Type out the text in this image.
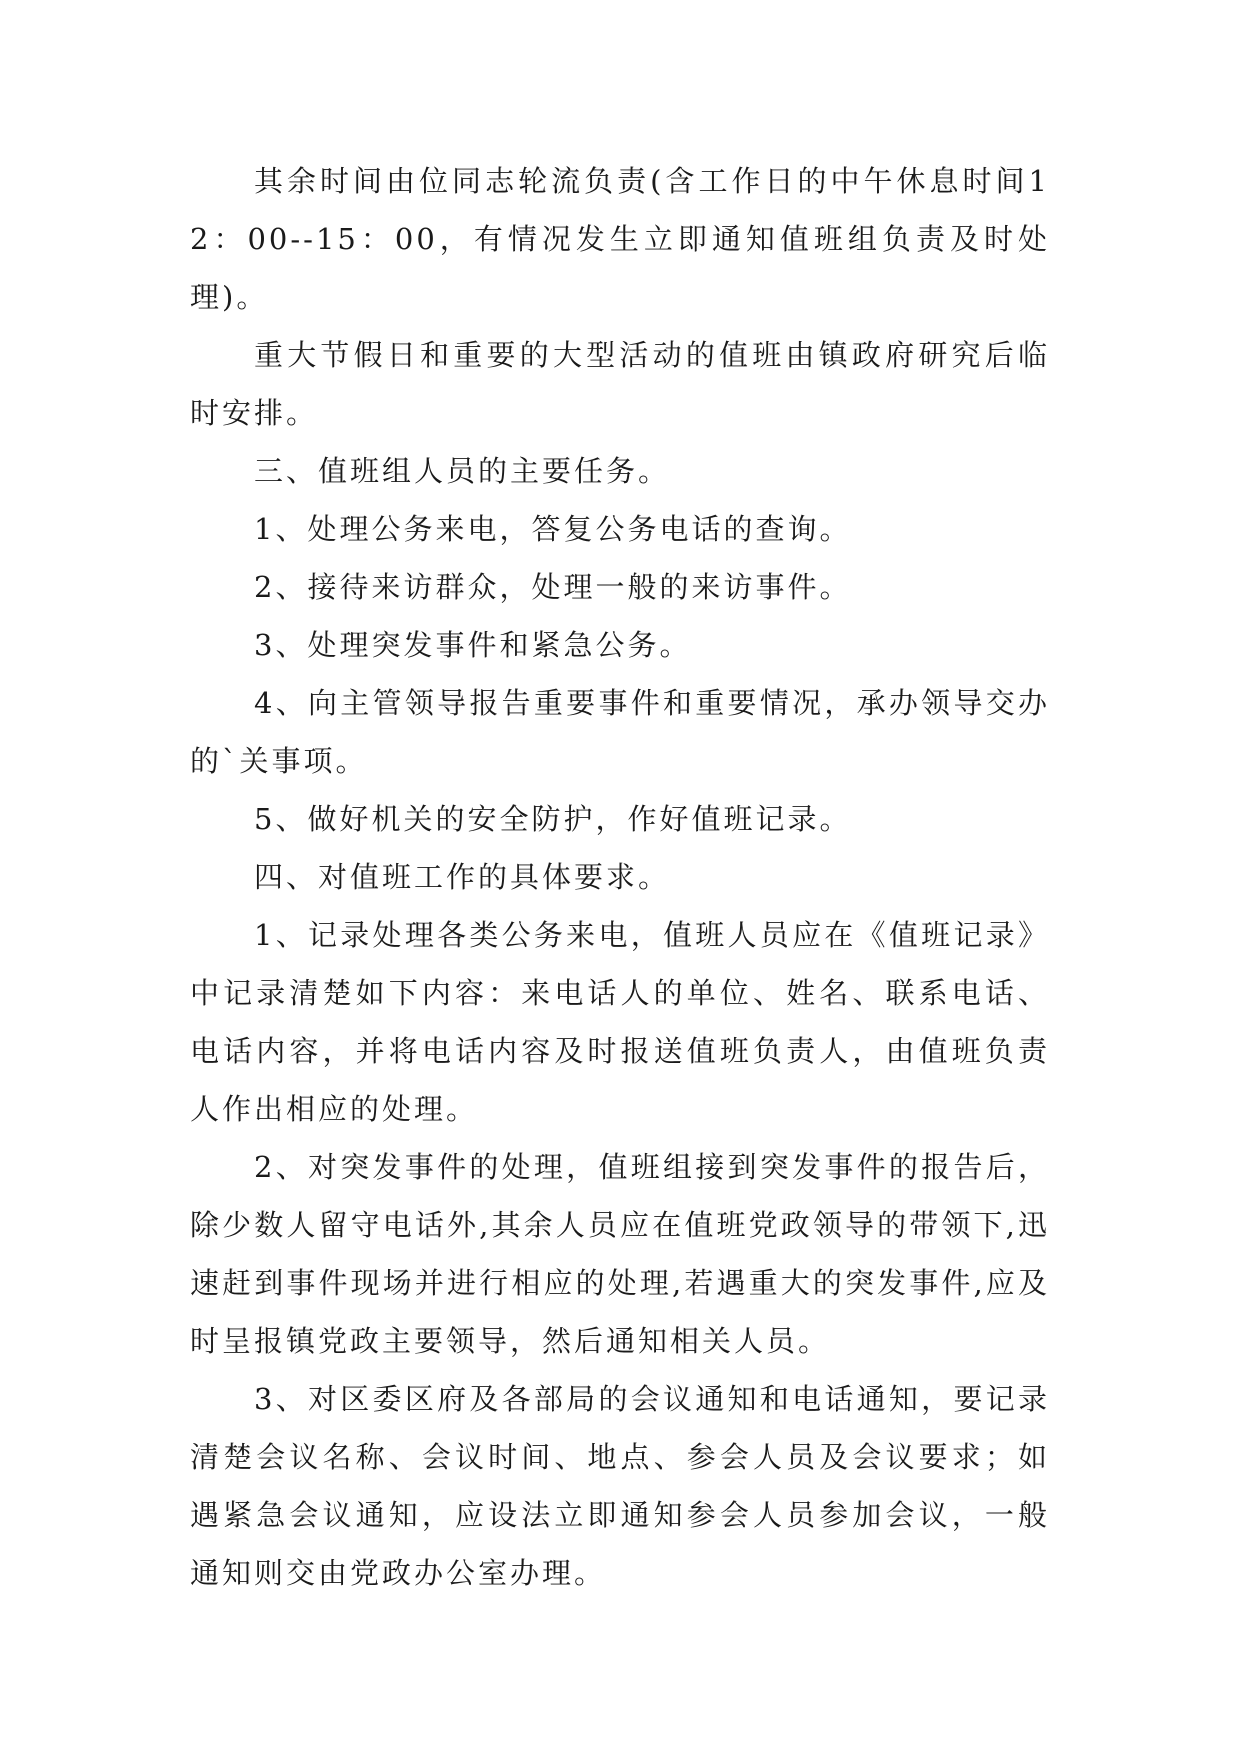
其余时间由位同志轮流负责(含工作日的中午休息时间12：00--15：00，有情况发生立即通知值班组负责及时处理)。

重大节假日和重要的大型活动的值班由镇政府研究后临时安排。

三、值班组人员的主要任务。

1、处理公务来电，答复公务电话的查询。

2、接待来访群众，处理一般的来访事件。

3、处理突发事件和紧急公务。

4、向主管领导报告重要事件和重要情况，承办领导交办的`关事项。

5、做好机关的安全防护，作好值班记录。

四、对值班工作的具体要求。

1、记录处理各类公务来电，值班人员应在《值班记录》中记录清楚如下内容：来电话人的单位、姓名、联系电话、电话内容，并将电话内容及时报送值班负责人，由值班负责人作出相应的处理。

2、对突发事件的处理，值班组接到突发事件的报告后，除少数人留守电话外,其余人员应在值班党政领导的带领下,迅速赶到事件现场并进行相应的处理,若遇重大的突发事件,应及时呈报镇党政主要领导，然后通知相关人员。

3、对区委区府及各部局的会议通知和电话通知，要记录清楚会议名称、会议时间、地点、参会人员及会议要求；如遇紧急会议通知，应设法立即通知参会人员参加会议，一般通知则交由党政办公室办理。
